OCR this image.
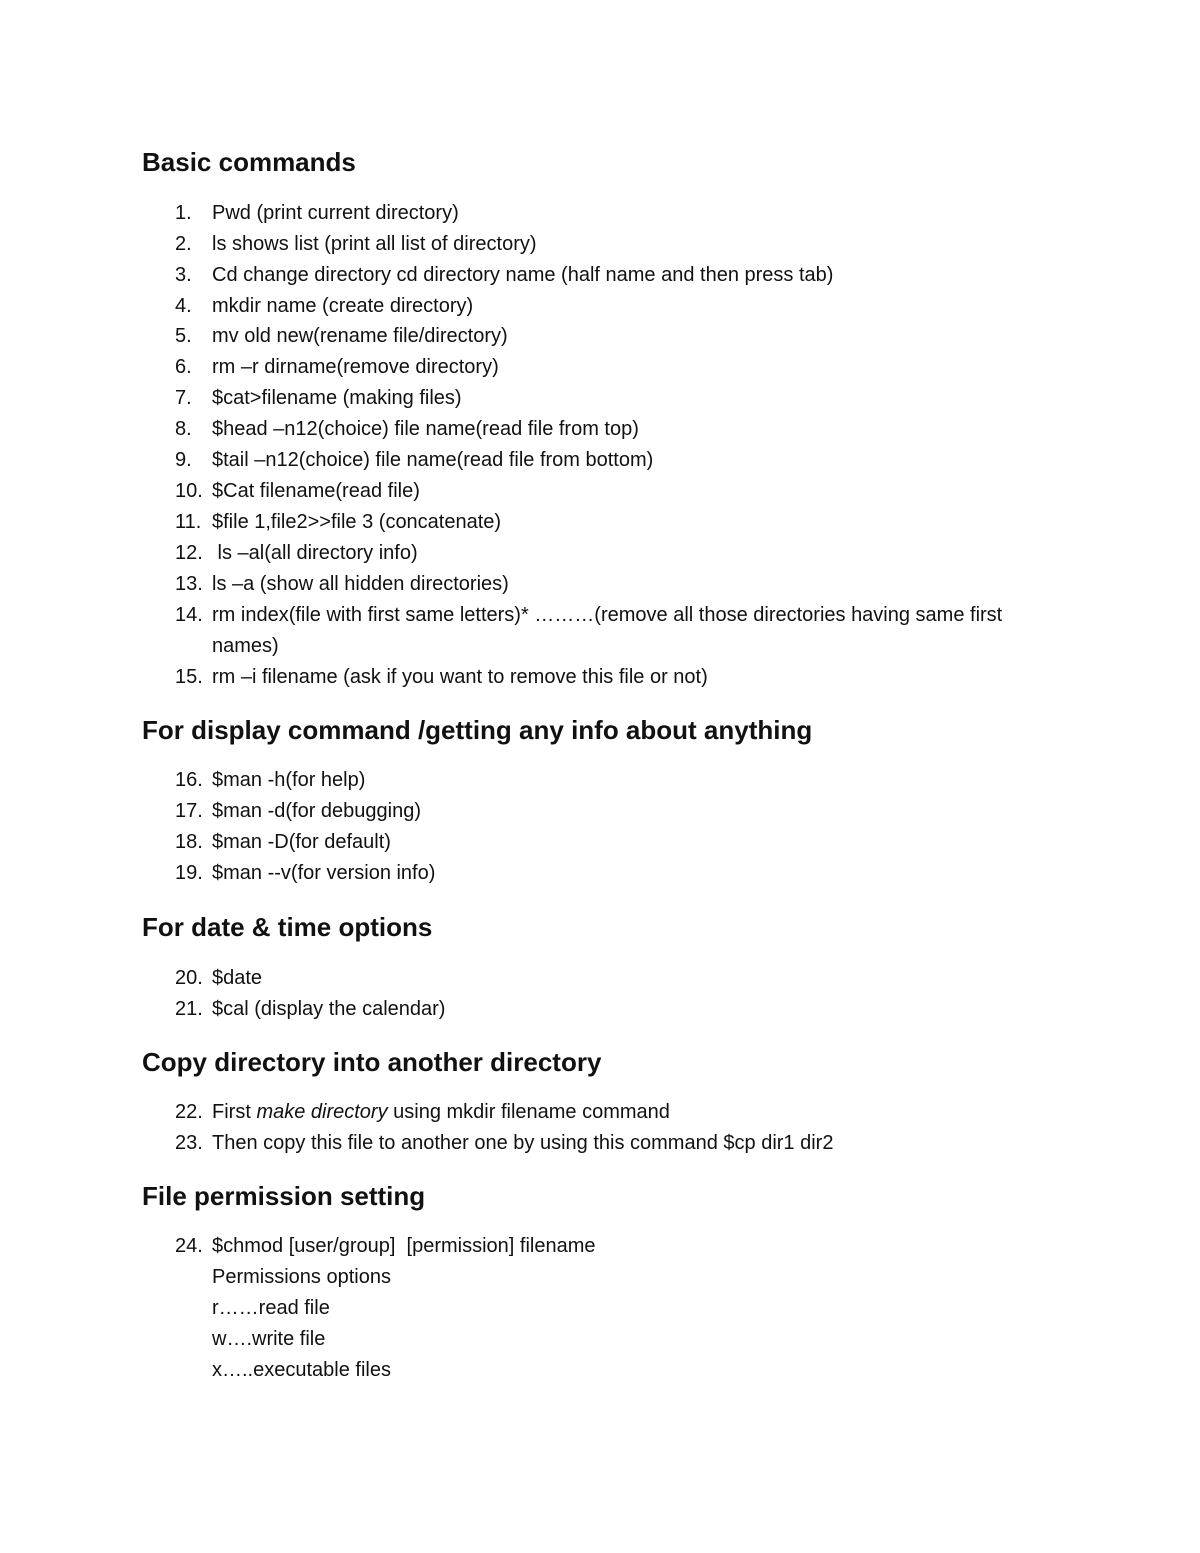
Basic commands
1. Pwd (print current directory)
2. ls shows list (print all list of directory)
3. Cd change directory cd directory name (half name and then press tab)
4. mkdir name (create directory)
5. mv old new(rename file/directory)
6. rm –r dirname(remove directory)
7. $cat>filename (making files)
8. $head –n12(choice) file name(read file from top)
9. $tail –n12(choice) file name(read file from bottom)
10. $Cat filename(read file)
11. $file 1,file2>>file 3 (concatenate)
12. ls –al(all directory info)
13. ls –a (show all hidden directories)
14. rm index(file with first same letters)* ………(remove all those directories having same first names)
15. rm –i filename (ask if you want to remove this file or not)
For display command /getting any info about anything
16. $man -h(for help)
17. $man -d(for debugging)
18. $man -D(for default)
19. $man --v(for version info)
For date & time options
20. $date
21. $cal (display the calendar)
Copy directory into another directory
22. First make directory using mkdir filename command
23. Then copy this file to another one by using this command $cp dir1 dir2
File permission setting
24. $chmod [user/group]  [permission] filename
Permissions options
r……read file
w….write file
x…..executable files
